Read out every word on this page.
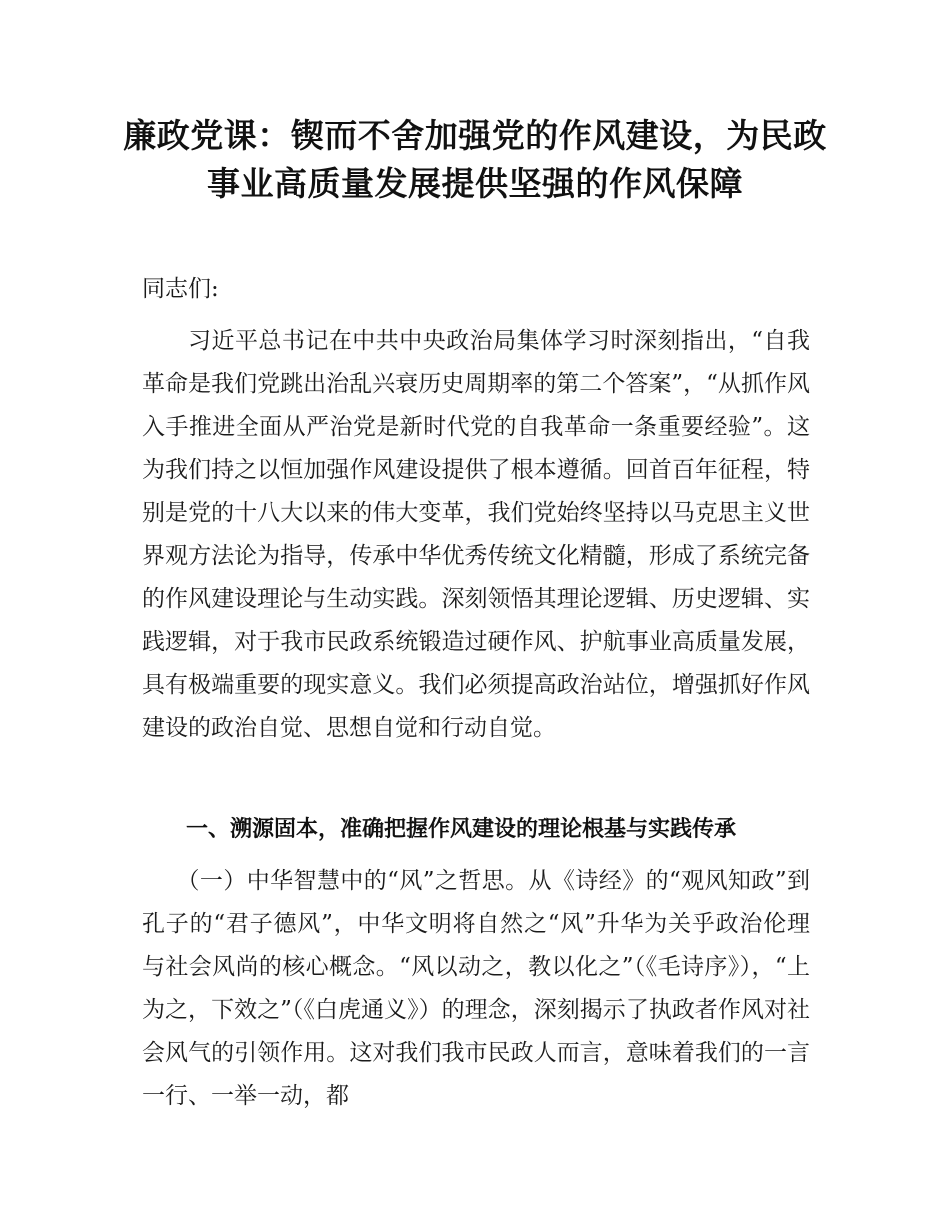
廉政党课：锲而不舍加强党的作风建设，为民政事业高质量发展提供坚强的作风保障
同志们:
习近平总书记在中共中央政治局集体学习时深刻指出，“自我革命是我们党跳出治乱兴衰历史周期率的第二个答案”，“从抓作风入手推进全面从严治党是新时代党的自我革命一条重要经验”。这为我们持之以恒加强作风建设提供了根本遵循。回首百年征程，特别是党的十八大以来的伟大变革，我们党始终坚持以马克思主义世界观方法论为指导，传承中华优秀传统文化精髓，形成了系统完备的作风建设理论与生动实践。深刻领悟其理论逻辑、历史逻辑、实践逻辑，对于我市民政系统锻造过硬作风、护航事业高质量发展，具有极端重要的现实意义。我们必须提高政治站位，增强抓好作风建设的政治自觉、思想自觉和行动自觉。
一、溯源固本，准确把握作风建设的理论根基与实践传承
（一）中华智慧中的“风”之哲思。从《诗经》的“观风知政”到孔子的“君子德风”，中华文明将自然之“风”升华为关乎政治伦理与社会风尚的核心概念。“风以动之，教以化之”（《毛诗序》），“上为之，下效之”（《白虎通义》）的理念，深刻揭示了执政者作风对社会风气的引领作用。这对我们我市民政人而言，意味着我们的一言一行、一举一动，都
